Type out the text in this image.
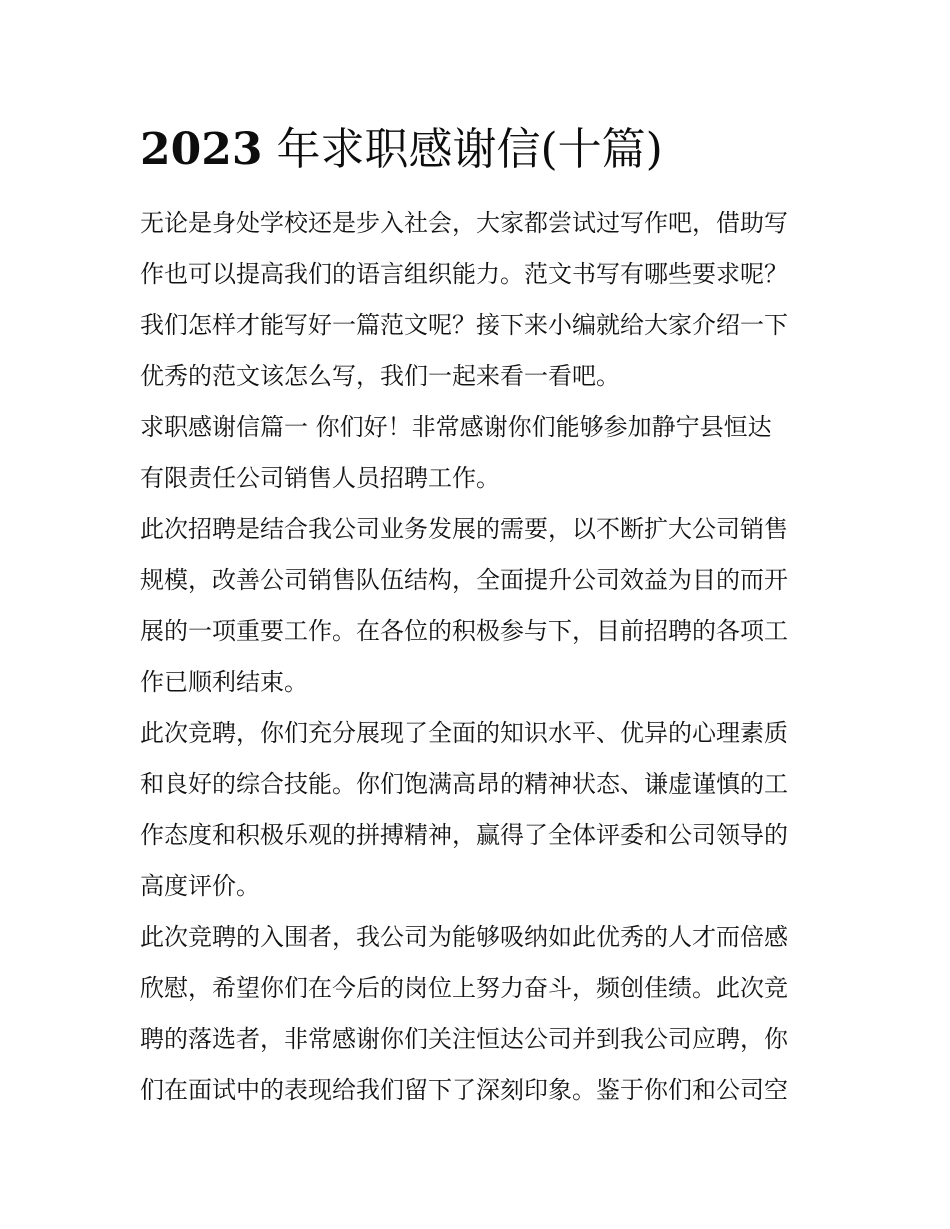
2023 年求职感谢信(十篇)

无论是身处学校还是步入社会，大家都尝试过写作吧，借助写

作也可以提高我们的语言组织能力。范文书写有哪些要求呢？

我们怎样才能写好一篇范文呢？接下来小编就给大家介绍一下

优秀的范文该怎么写，我们一起来看一看吧。

求职感谢信篇一 你们好！非常感谢你们能够参加静宁县恒达

有限责任公司销售人员招聘工作。

此次招聘是结合我公司业务发展的需要，以不断扩大公司销售

规模，改善公司销售队伍结构，全面提升公司效益为目的而开

展的一项重要工作。在各位的积极参与下，目前招聘的各项工

作已顺利结束。

此次竞聘，你们充分展现了全面的知识水平、优异的心理素质

和良好的综合技能。你们饱满高昂的精神状态、谦虚谨慎的工

作态度和积极乐观的拼搏精神，赢得了全体评委和公司领导的

高度评价。

此次竞聘的入围者，我公司为能够吸纳如此优秀的人才而倍感

欣慰，希望你们在今后的岗位上努力奋斗，频创佳绩。此次竞

聘的落选者，非常感谢你们关注恒达公司并到我公司应聘，你

们在面试中的表现给我们留下了深刻印象。鉴于你们和公司空
